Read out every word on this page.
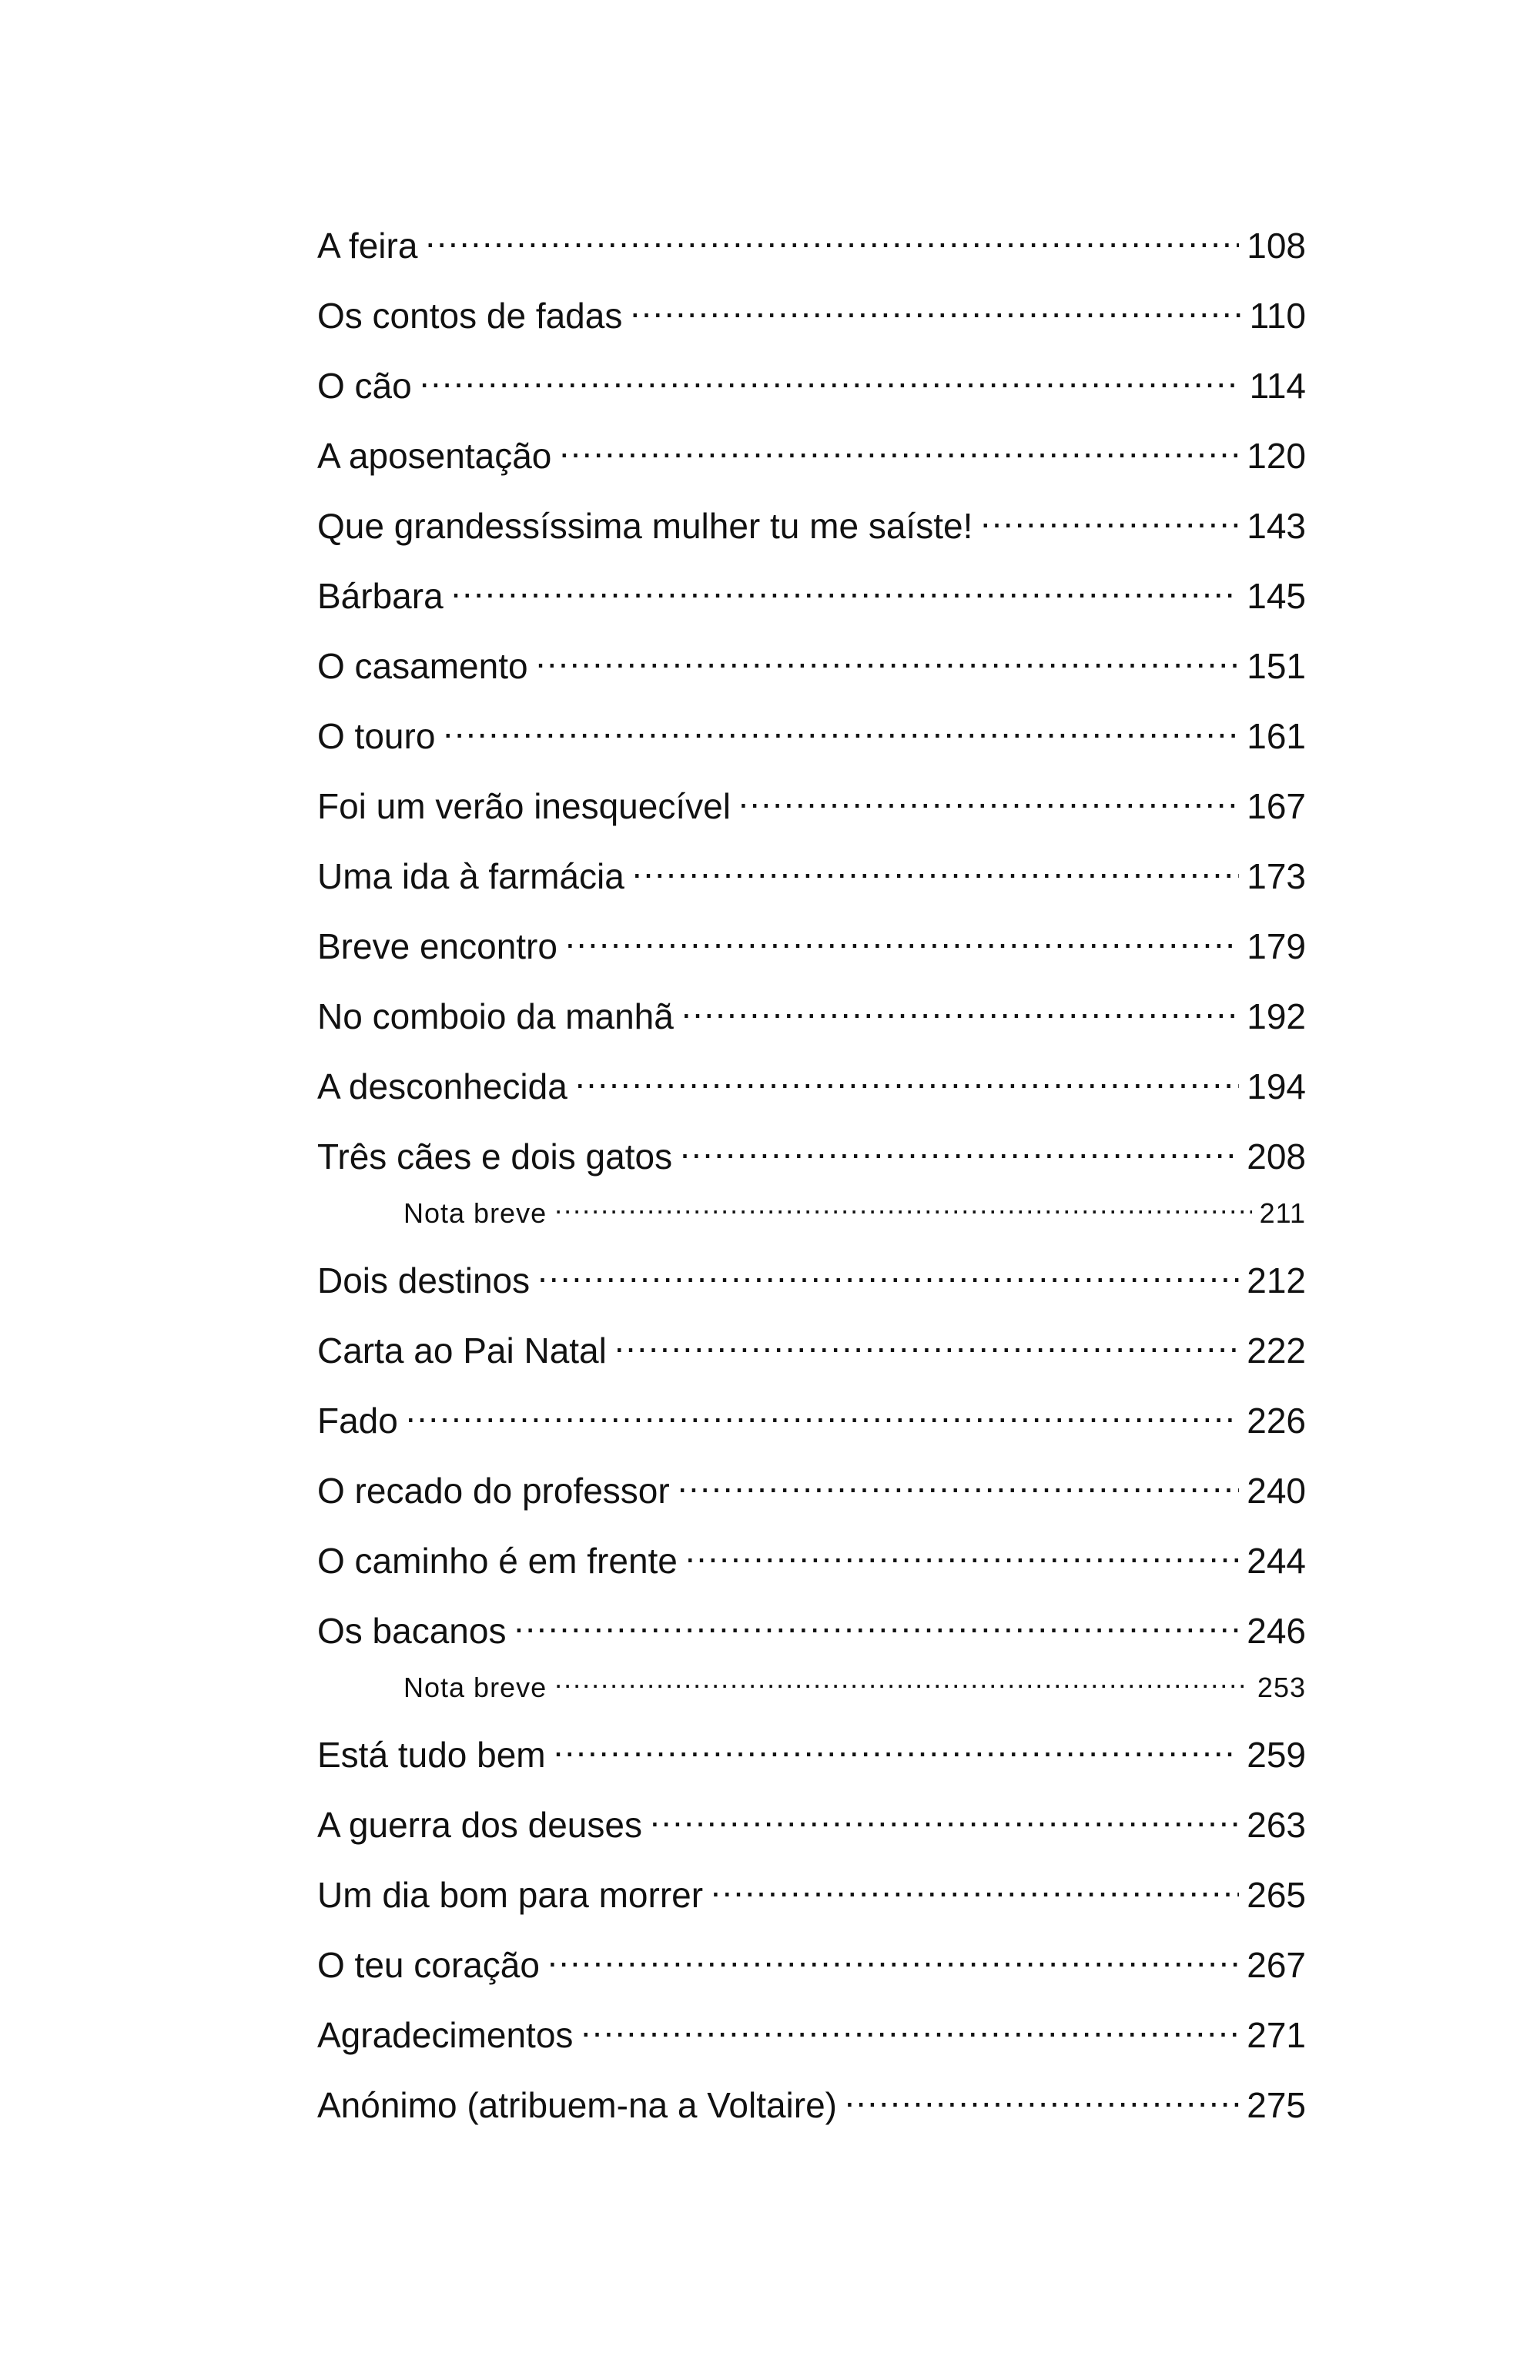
A feira .....	108
Os contos de fadas .....	110
O cão .....	114
A aposentação .....	120
Que grandessíssima mulher tu me saíste! .....	143
Bárbara .....	145
O casamento .....	151
O touro .....	161
Foi um verão inesquecível .....	167
Uma ida à farmácia .....	173
Breve encontro .....	179
No comboio da manhã .....	192
A desconhecida .....	194
Três cães e dois gatos .....	208
Nota breve .....	211
Dois destinos .....	212
Carta ao Pai Natal .....	222
Fado .....	226
O recado do professor .....	240
O caminho é em frente .....	244
Os bacanos .....	246
Nota breve .....	253
Está tudo bem .....	259
A guerra dos deuses .....	263
Um dia bom para morrer .....	265
O teu coração .....	267
Agradecimentos .....	271
Anónimo (atribuem-na a Voltaire) .....	275
